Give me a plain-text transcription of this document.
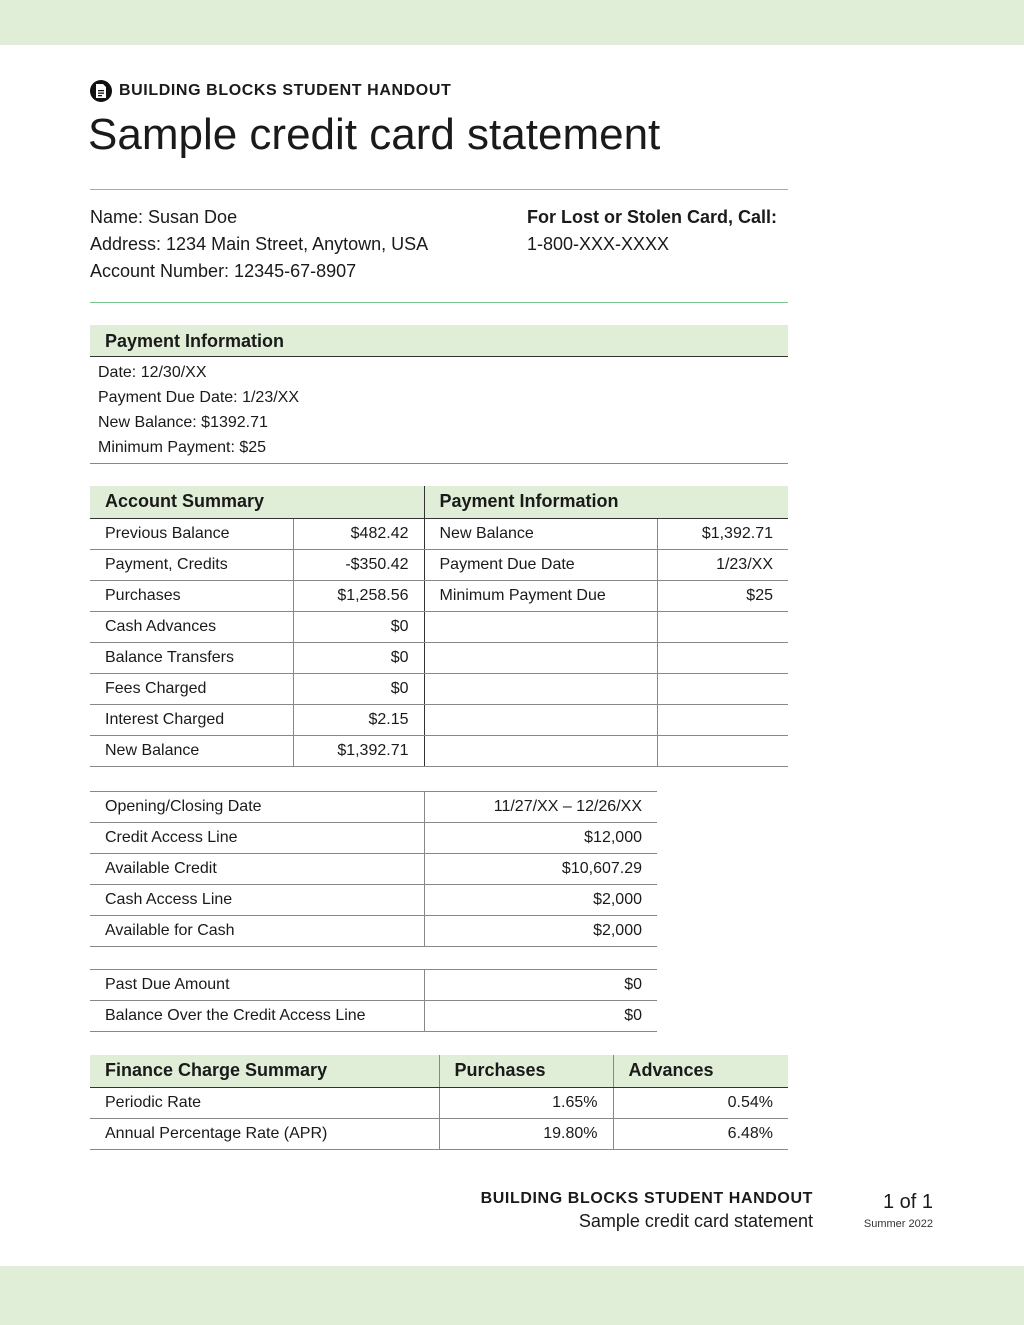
BUILDING BLOCKS STUDENT HANDOUT
Sample credit card statement
Name: Susan Doe
Address: 1234 Main Street, Anytown, USA
Account Number: 12345-67-8907
For Lost or Stolen Card, Call:
1-800-XXX-XXXX
Payment Information
Date: 12/30/XX
Payment Due Date: 1/23/XX
New Balance: $1392.71
Minimum Payment: $25
Account Summary		Payment Information	
Previous Balance	$482.42	New Balance	$1,392.71
Payment, Credits	-$350.42	Payment Due Date	1/23/XX
Purchases	$1,258.56	Minimum Payment Due	$25
Cash Advances	$0		
Balance Transfers	$0		
Fees Charged	$0		
Interest Charged	$2.15		
New Balance	$1,392.71		
Opening/Closing Date	11/27/XX – 12/26/XX
Credit Access Line	$12,000
Available Credit	$10,607.29
Cash Access Line	$2,000
Available for Cash	$2,000
Past Due Amount	$0
Balance Over the Credit Access Line	$0
Finance Charge Summary	Purchases	Advances
Periodic Rate	1.65%	0.54%
Annual Percentage Rate (APR)	19.80%	6.48%
BUILDING BLOCKS STUDENT HANDOUT
Sample credit card statement
1 of 1
Summer 2022
